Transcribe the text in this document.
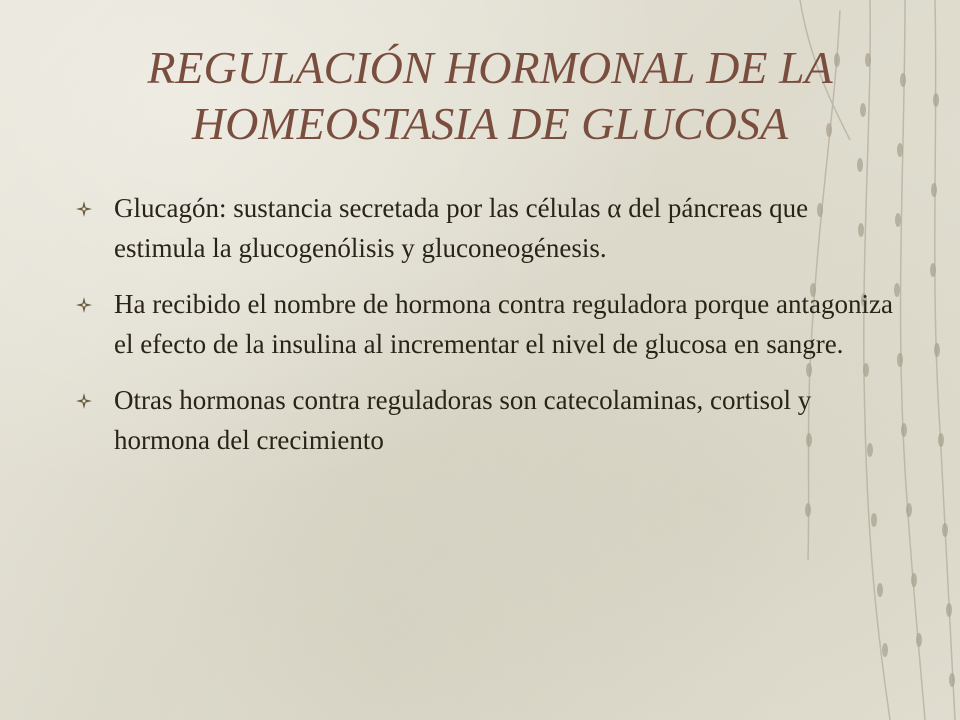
REGULACIÓN HORMONAL DE LA
HOMEOSTASIA DE GLUCOSA
Glucagón: sustancia secretada por las células α del páncreas que estimula la glucogenólisis y gluconeogénesis.
Ha recibido el nombre de hormona contra reguladora porque antagoniza el efecto de la insulina al incrementar el nivel de glucosa en sangre.
Otras hormonas contra reguladoras son catecolaminas, cortisol y hormona del crecimiento
